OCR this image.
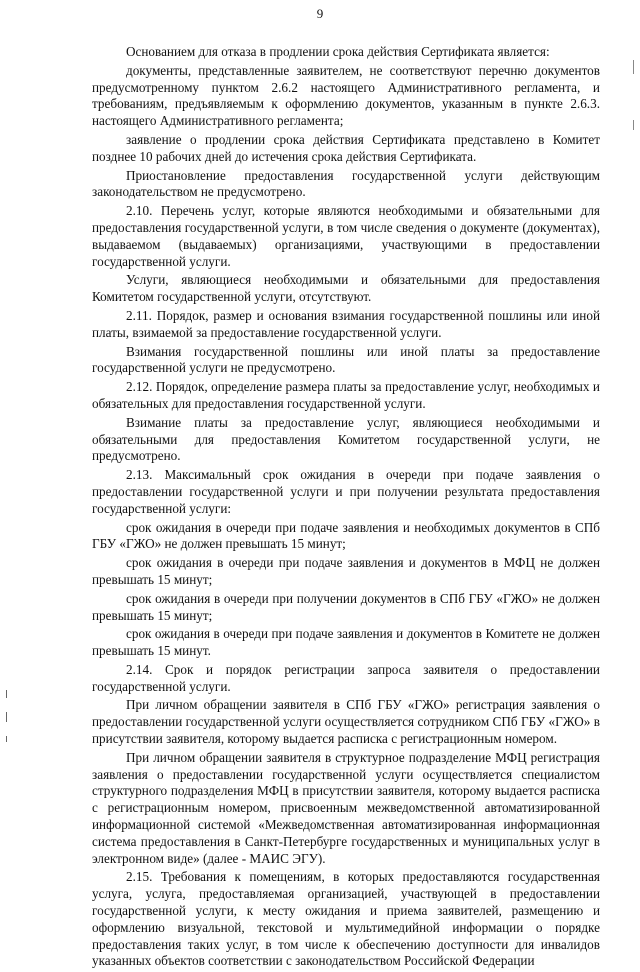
9

Основанием для отказа в продлении срока действия Сертификата является:

документы, представленные заявителем, не соответствуют перечню документов предусмотренному пунктом 2.6.2 настоящего Административного регламента, и требованиям, предъявляемым к оформлению документов, указанным в пункте 2.6.3. настоящего Административного регламента;

заявление о продлении срока действия Сертификата представлено в Комитет позднее 10 рабочих дней до истечения срока действия Сертификата.

Приостановление предоставления государственной услуги действующим законодательством не предусмотрено.

2.10. Перечень услуг, которые являются необходимыми и обязательными для предоставления государственной услуги, в том числе сведения о документе (документах), выдаваемом (выдаваемых) организациями, участвующими в предоставлении государственной услуги.

Услуги, являющиеся необходимыми и обязательными для предоставления Комитетом государственной услуги, отсутствуют.

2.11. Порядок, размер и основания взимания государственной пошлины или иной платы, взимаемой за предоставление государственной услуги.

Взимания государственной пошлины или иной платы за предоставление государственной услуги не предусмотрено.

2.12. Порядок, определение размера платы за предоставление услуг, необходимых и обязательных для предоставления государственной услуги.

Взимание платы за предоставление услуг, являющиеся необходимыми и обязательными для предоставления Комитетом государственной услуги, не предусмотрено.

2.13. Максимальный срок ожидания в очереди при подаче заявления о предоставлении государственной услуги и при получении результата предоставления государственной услуги:

срок ожидания в очереди при подаче заявления и необходимых документов в СПб ГБУ «ГЖО» не должен превышать 15 минут;

срок ожидания в очереди при подаче заявления и документов в МФЦ не должен превышать 15 минут;

срок ожидания в очереди при получении документов в СПб ГБУ «ГЖО» не должен превышать 15 минут;

срок ожидания в очереди при подаче заявления и документов в Комитете не должен превышать 15 минут.

2.14. Срок и порядок регистрации запроса заявителя о предоставлении государственной услуги.

При личном обращении заявителя в СПб ГБУ «ГЖО» регистрация заявления о предоставлении государственной услуги осуществляется сотрудником СПб ГБУ «ГЖО» в присутствии заявителя, которому выдается расписка с регистрационным номером.

При личном обращении заявителя в структурное подразделение МФЦ регистрация заявления о предоставлении государственной услуги осуществляется специалистом структурного подразделения МФЦ в присутствии заявителя, которому выдается расписка с регистрационным номером, присвоенным межведомственной автоматизированной информационной системой «Межведомственная автоматизированная информационная система предоставления в Санкт-Петербурге государственных и муниципальных услуг в электронном виде» (далее - МАИС ЭГУ).

2.15. Требования к помещениям, в которых предоставляются государственная услуга, услуга, предоставляемая организацией, участвующей в предоставлении государственной услуги, к месту ожидания и приема заявителей, размещению и оформлению визуальной, текстовой и мультимедийной информации о порядке предоставления таких услуг, в том числе к обеспечению доступности для инвалидов указанных объектов соответствии с законодательством Российской Федерации
